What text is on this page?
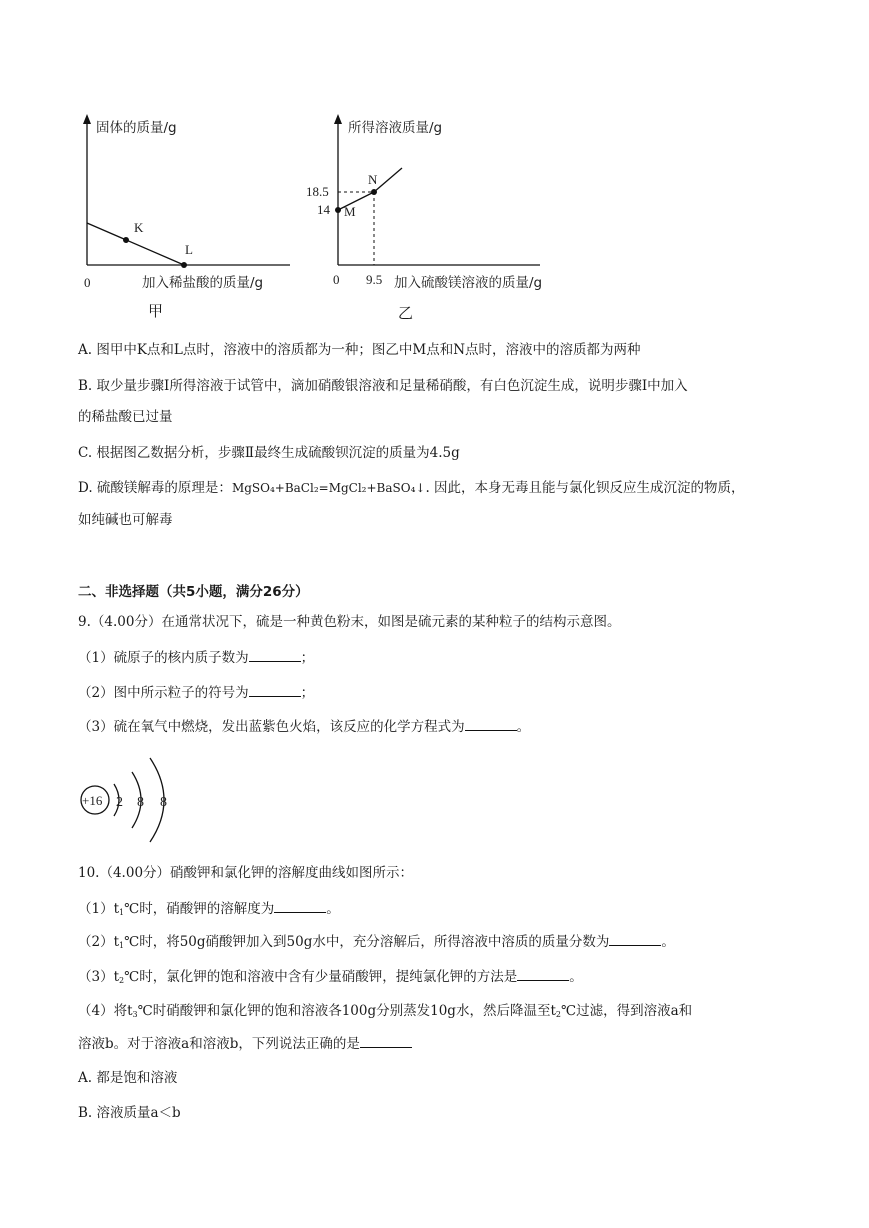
固体的质量/g
K
L
0	加入稀盐酸的质量/g
所得溶液质量/g
18.5
14 M
N
0 9.5 加入硫酸镁溶液的质量/g
甲	乙
A. 图甲中K点和L点时，溶液中的溶质都为一种；图乙中M点和N点时，溶液中的溶质都为两种
B. 取少量步骤Ⅰ所得溶液于试管中，滴加硝酸银溶液和足量稀硝酸，有白色沉淀生成，说明步骤Ⅰ中加入
的稀盐酸已过量
C. 根据图乙数据分析，步骤Ⅱ最终生成硫酸钡沉淀的质量为4.5g
D. 硫酸镁解毒的原理是：MgSO₄+BaCl₂=MgCl₂+BaSO₄↓. 因此，本身无毒且能与氯化钡反应生成沉淀的物质，
如纯碱也可解毒
二、非选择题（共5小题，满分26分）
9.（4.00分）在通常状况下，硫是一种黄色粉末，如图是硫元素的某种粒子的结构示意图。
（1）硫原子的核内质子数为	；
（2）图中所示粒子的符号为	；
（3）硫在氧气中燃烧，发出蓝紫色火焰，该反应的化学方程式为	。
+16 2 8 8
10.（4.00分）硝酸钾和氯化钾的溶解度曲线如图所示：
$(1)t_1℃$时，硝酸钾的溶解度为	。
$(2)t_1℃$时，将50g硝酸钾加入到50g水中，充分溶解后，所得溶液中溶质的质量分数为	。
$(3)t_2℃$时，氯化钾的饱和溶液中含有少量硝酸钾，提纯氯化钾的方法是	。
（4）将$t_3℃$时硝酸钾和氯化钾的饱和溶液各100g分别蒸发10g水，然后降温至$t_2℃$过滤，得到溶液a和
溶液b。对于溶液a和溶液b，下列说法正确的是
A. 都是饱和溶液
B. 溶液质量a＜b
